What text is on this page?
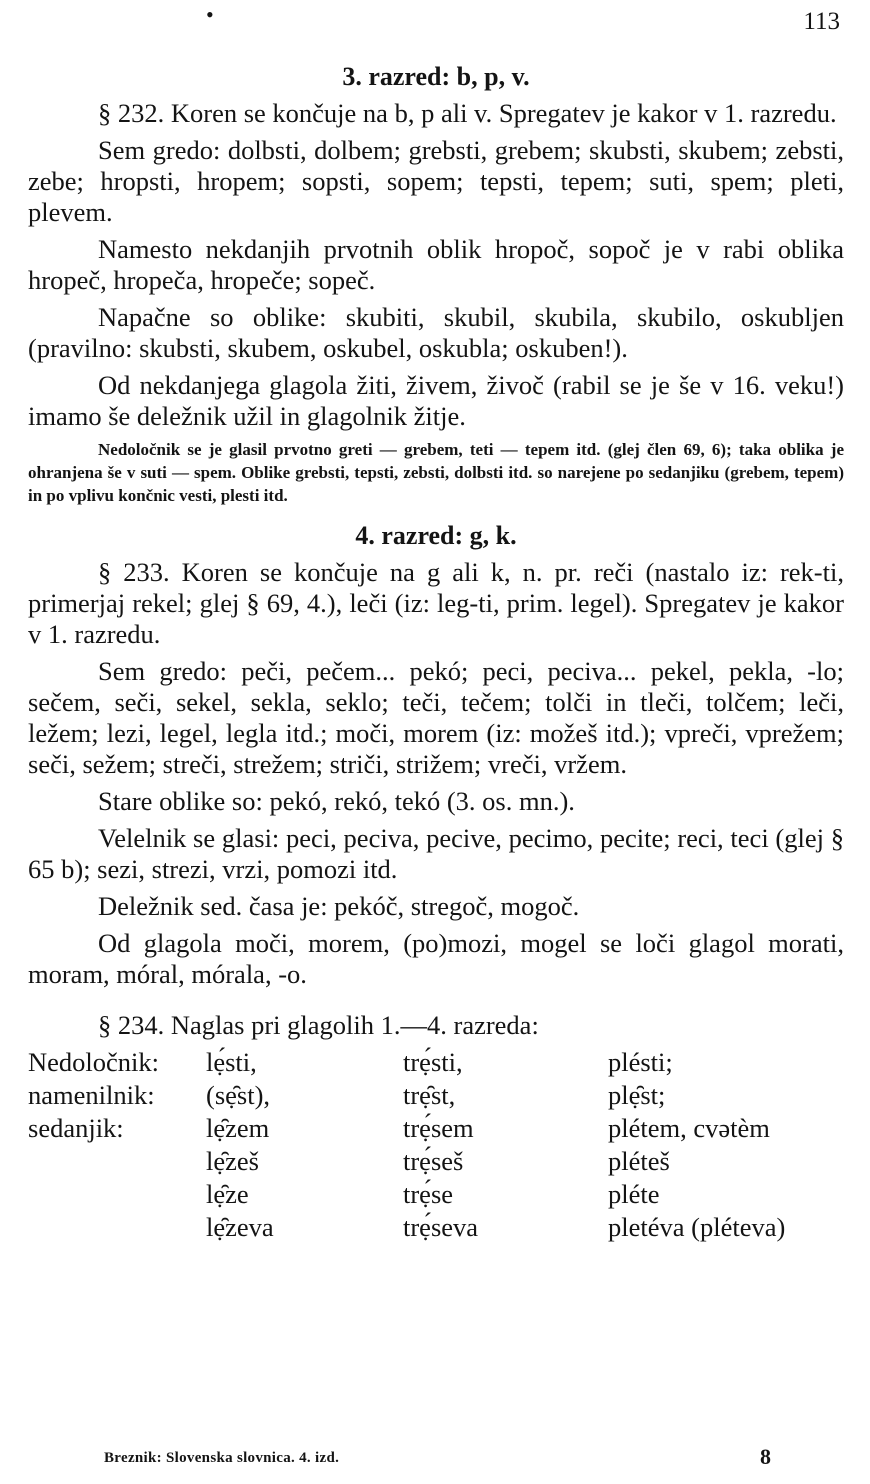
•	113
3. razred: b, p, v.

§ 232. Koren se končuje na b, p ali v. Spregatev je kakor v 1. razredu.

Sem gredo: dolbsti, dolbem; grebsti, grebem; skubsti, skubem; zebsti, zebe; hropsti, hropem; sopsti, sopem; tepsti, tepem; suti, spem; pleti, plevem.

Namesto nekdanjih prvotnih oblik hropoč, sopoč je v rabi oblika hropeč, hropeča, hropeče; sopeč.

Napačne so oblike: skubiti, skubil, skubila, skubilo, oskubljen (pravilno: skubsti, skubem, oskubel, oskubla; oskuben!).

Od nekdanjega glagola žiti, živem, živoč (rabil se je še v 16. veku!) imamo še deležnik užil in glagolnik žitje.

Nedoločnik se je glasil prvotno greti — grebem, teti — tepem itd. (glej člen 69, 6); taka oblika je ohranjena še v suti — spem. Oblike grebsti, tepsti, zebsti, dolbsti itd. so narejene po sedanjiku (grebem, tepem) in po vplivu končnic vesti, plesti itd.

4. razred: g, k.

§ 233. Koren se končuje na g ali k, n. pr. reči (nastalo iz: rek-ti, primerjaj rekel; glej § 69, 4.), leči (iz: leg-ti, prim. legel). Spregatev je kakor v 1. razredu.

Sem gredo: peči, pečem... pekó; peci, peciva... pekel, pekla, -lo; sečem, seči, sekel, sekla, seklo; teči, tečem; tolči in tleči, tolčem; leči, ležem; lezi, legel, legla itd.; moči, morem (iz: možeš itd.); vpreči, vprežem; seči, sežem; streči, strežem; striči, strižem; vreči, vržem.

Stare oblike so: pekó, rekó, tekó (3. os. mn.).

Velelnik se glasi: peci, peciva, pecive, pecimo, pecite; reci, teci (glej § 65 b); sezi, strezi, vrzi, pomozi itd.

Deležnik sed. časa je: pekóč, stregoč, mogoč.

Od glagola moči, morem, (po)mozi, mogel se loči glagol morati, moram, móral, mórala, -o.

§ 234. Naglas pri glagolih 1.—4. razreda:

Nedoločnik:	lẹ́sti,	trẹ́sti,	plésti;
namenilnik:	(sẹ̑st),	trẹ̑st,	plẹ̑st;
sedanjik:	lẹ̑zem	trẹ́sem	plétem, cvətèm
	lẹ̑zeš	trẹ́seš	pléteš
	lẹ̑ze	trẹ́se	pléte
	lẹ̑zeva	trẹ́seva	pletéva (pléteva)
Breznik: Slovenska slovnica. 4. izd.	8
